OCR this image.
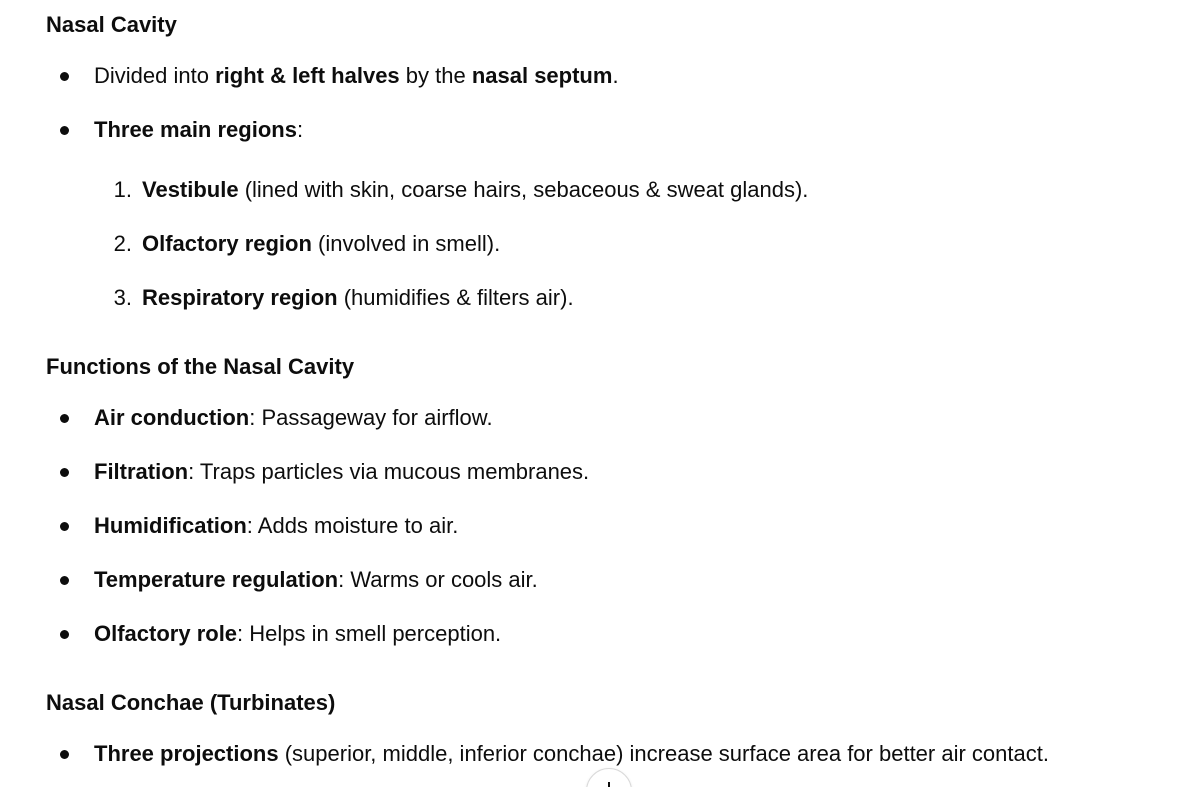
Nasal Cavity
Divided into right & left halves by the nasal septum.
Three main regions:
1. Vestibule (lined with skin, coarse hairs, sebaceous & sweat glands).
2. Olfactory region (involved in smell).
3. Respiratory region (humidifies & filters air).
Functions of the Nasal Cavity
Air conduction: Passageway for airflow.
Filtration: Traps particles via mucous membranes.
Humidification: Adds moisture to air.
Temperature regulation: Warms or cools air.
Olfactory role: Helps in smell perception.
Nasal Conchae (Turbinates)
Three projections (superior, middle, inferior conchae) increase surface area for better air contact.
